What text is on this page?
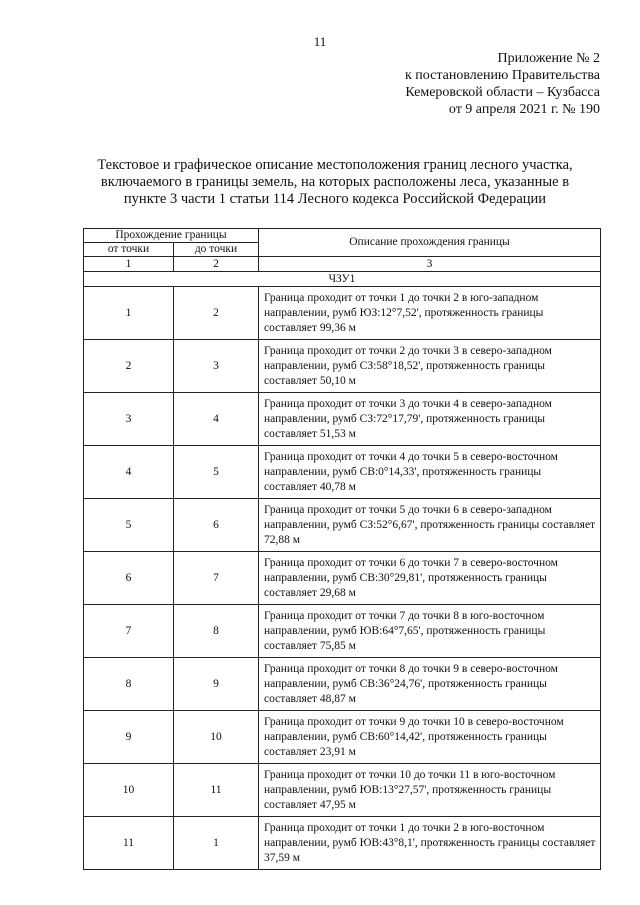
11
Приложение № 2
к постановлению Правительства
Кемеровской области – Кузбасса
от 9 апреля 2021 г. № 190
Текстовое и графическое описание местоположения границ лесного участка,
включаемого в границы земель, на которых расположены леса, указанные в
пункте 3 части 1 статьи 114 Лесного кодекса Российской Федерации
Прохождение границы		Описание прохождения границы
от точки	до точки	
1	2	3
ЧЗУ1		
1	2	Граница проходит от точки 1 до точки 2 в юго-западном направлении, румб ЮЗ:12°7,52', протяженность границы составляет 99,36 м
2	3	Граница проходит от точки 2 до точки 3 в северо-западном направлении, румб СЗ:58°18,52', протяженность границы составляет 50,10 м
3	4	Граница проходит от точки 3 до точки 4 в северо-западном направлении, румб СЗ:72°17,79', протяженность границы составляет 51,53 м
4	5	Граница проходит от точки 4 до точки 5 в северо-восточном направлении, румб СВ:0°14,33', протяженность границы составляет 40,78 м
5	6	Граница проходит от точки 5 до точки 6 в северо-западном направлении, румб СЗ:52°6,67', протяженность границы составляет 72,88 м
6	7	Граница проходит от точки 6 до точки 7 в северо-восточном направлении, румб СВ:30°29,81', протяженность границы составляет 29,68 м
7	8	Граница проходит от точки 7 до точки 8 в юго-восточном направлении, румб ЮВ:64°7,65', протяженность границы составляет 75,85 м
8	9	Граница проходит от точки 8 до точки 9 в северо-восточном направлении, румб СВ:36°24,76', протяженность границы составляет 48,87 м
9	10	Граница проходит от точки 9 до точки 10 в северо-восточном направлении, румб СВ:60°14,42', протяженность границы составляет 23,91 м
10	11	Граница проходит от точки 10 до точки 11 в юго-восточном направлении, румб ЮВ:13°27,57', протяженность границы составляет 47,95 м
11	1	Граница проходит от точки 1 до точки 2 в юго-восточном направлении, румб ЮВ:43°8,1', протяженность границы составляет 37,59 м
